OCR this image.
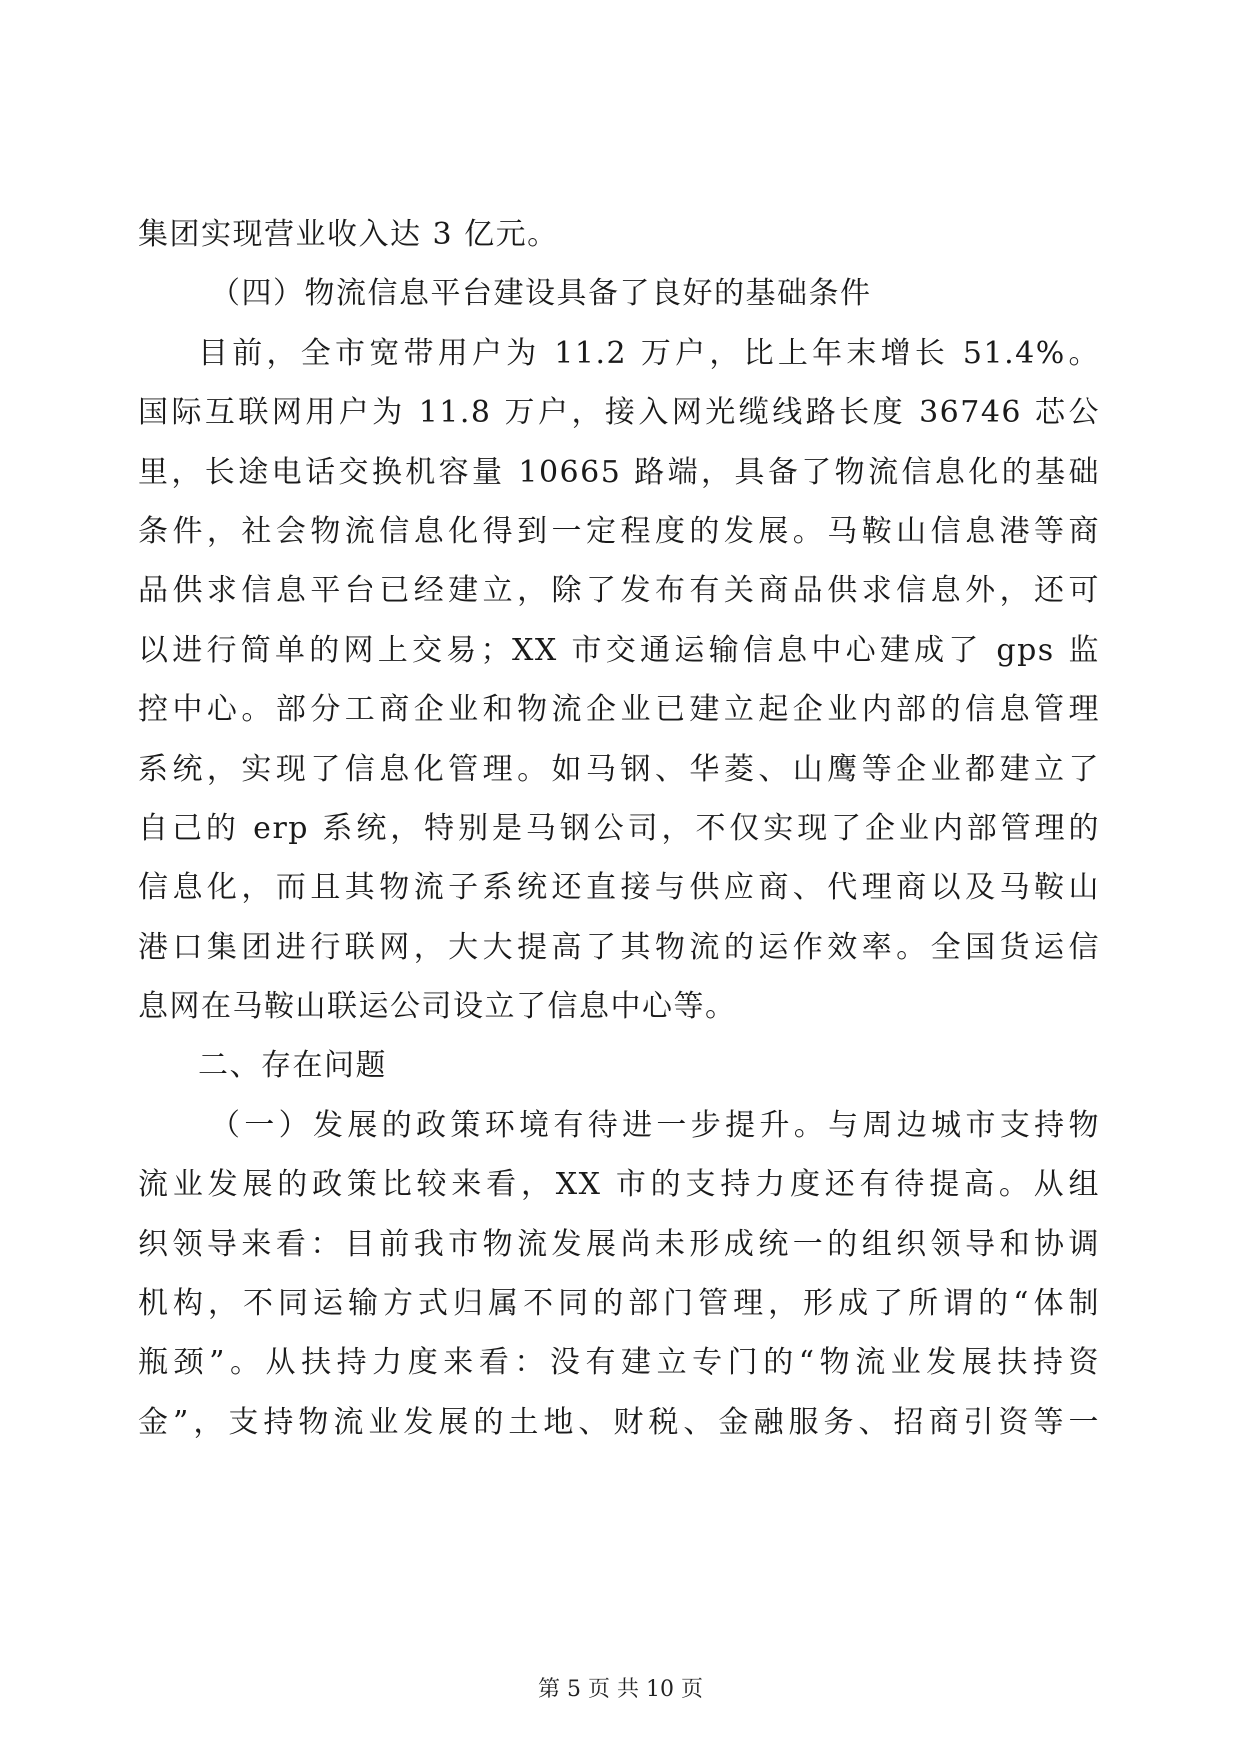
集团实现营业收入达 3 亿元。
（四）物流信息平台建设具备了良好的基础条件
目前，全市宽带用户为 11.2 万户，比上年末增长 51.4%。
国际互联网用户为 11.8 万户，接入网光缆线路长度 36746 芯公
里，长途电话交换机容量 10665 路端，具备了物流信息化的基础
条件，社会物流信息化得到一定程度的发展。马鞍山信息港等商
品供求信息平台已经建立，除了发布有关商品供求信息外，还可
以进行简单的网上交易；XX 市交通运输信息中心建成了 gps 监
控中心。部分工商企业和物流企业已建立起企业内部的信息管理
系统，实现了信息化管理。如马钢、华菱、山鹰等企业都建立了
自己的 erp 系统，特别是马钢公司，不仅实现了企业内部管理的
信息化，而且其物流子系统还直接与供应商、代理商以及马鞍山
港口集团进行联网，大大提高了其物流的运作效率。全国货运信
息网在马鞍山联运公司设立了信息中心等。
二、存在问题
（一）发展的政策环境有待进一步提升。与周边城市支持物
流业发展的政策比较来看，XX 市的支持力度还有待提高。从组
织领导来看：目前我市物流发展尚未形成统一的组织领导和协调
机构，不同运输方式归属不同的部门管理，形成了所谓的“体制
瓶颈”。从扶持力度来看：没有建立专门的“物流业发展扶持资
金”，支持物流业发展的土地、财税、金融服务、招商引资等一
第 5 页 共 10 页
